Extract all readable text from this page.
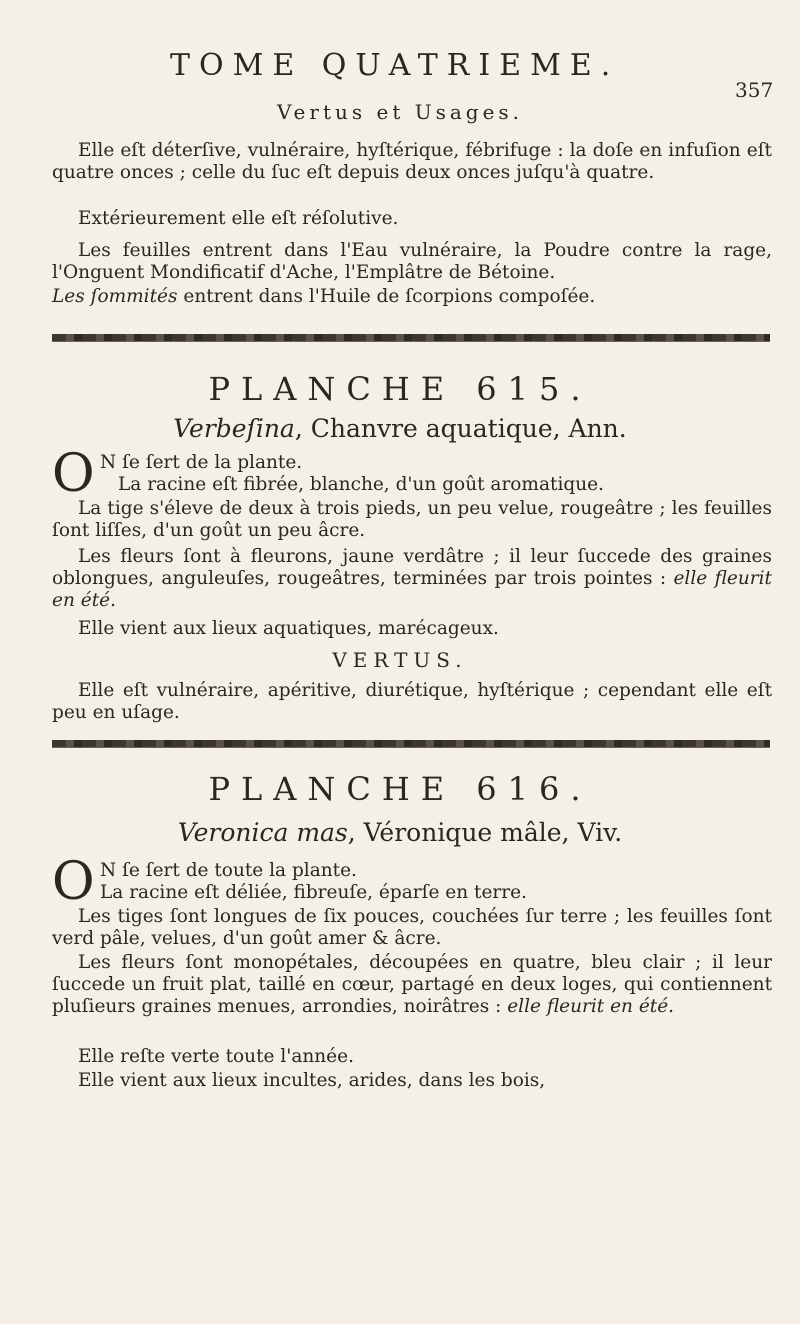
TOME QUATRIEME.
357
Vertus et Usages.

Elle eſt déterſive, vulnéraire, hyſtérique, fébrifuge : la doſe en infuſion eſt quatre onces ; celle du ſuc eſt depuis deux onces juſqu'à quatre.

Extérieurement elle eſt réſolutive.

Les feuilles entrent dans l'Eau vulnéraire, la Poudre contre la rage, l'Onguent Mondificatif d'Ache, l'Emplâtre de Bétoine.

Les ſommités entrent dans l'Huile de ſcorpions compoſée.

PLANCHE 615.
Verbeſina, Chanvre aquatique, Ann.
O N ſe ſert de la plante.
La racine eſt fibrée, blanche, d'un goût aromatique.

La tige s'éleve de deux à trois pieds, un peu velue, rougeâtre ; les feuilles ſont liſſes, d'un goût un peu âcre.

Les fleurs ſont à fleurons, jaune verdâtre ; il leur ſuccede des graines oblongues, anguleuſes, rougeâtres, terminées par trois pointes : elle fleurit en été.

Elle vient aux lieux aquatiques, marécageux.

VERTUS.

Elle eſt vulnéraire, apéritive, diurétique, hyſtérique ; cependant elle eſt peu en uſage.

PLANCHE 616.
Veronica mas, Véronique mâle, Viv.
O N ſe ſert de toute la plante.
La racine eſt déliée, fibreuſe, éparſe en terre.

Les tiges ſont longues de ſix pouces, couchées ſur terre ; les feuilles ſont verd pâle, velues, d'un goût amer & âcre.

Les fleurs ſont monopétales, découpées en quatre, bleu clair ; il leur ſuccede un fruit plat, taillé en cœur, partagé en deux loges, qui contiennent pluſieurs graines menues, arrondies, noirâtres : elle fleurit en été.

Elle reſte verte toute l'année.

Elle vient aux lieux incultes, arides, dans les bois,
